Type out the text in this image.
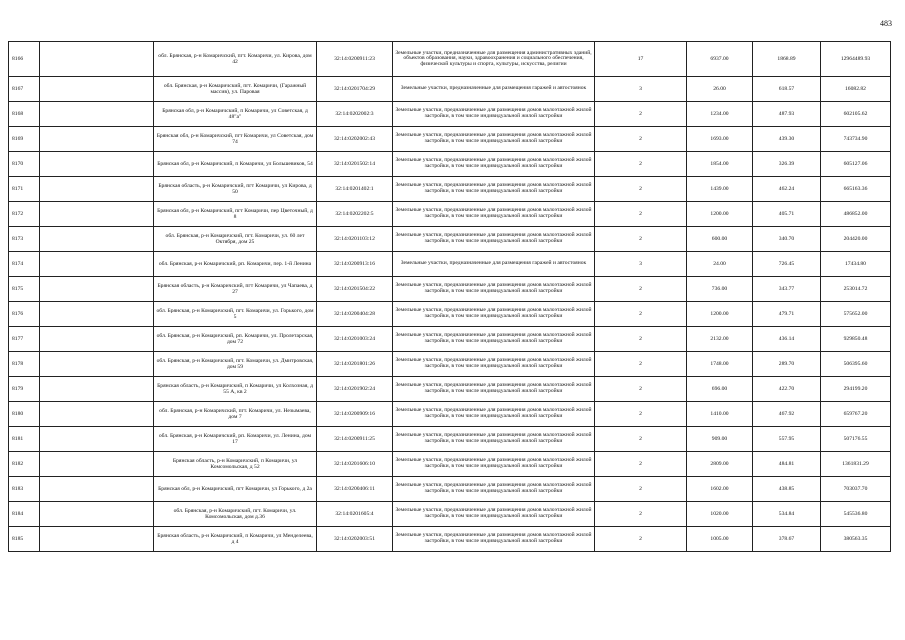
483
8166		обл. Брянская, р-н Комаричский, пгт. Комаричи, ул. Кирова, дом 42	32:14:0200911:23	Земельные участки, предназначенные для размещения административных зданий, объектов образования, науки, здравоохранения и социального обеспечения, физической культуры и спорта, культуры, искусства, религии	17	6937.00	1868.89	12964489.93
8167		обл. Брянская, р-н Комаричский, пгт. Комаричи, (Гаражный массив), ул. Паровая	32:14:0201704:29	Земельные участки, предназначенные для размещения гаражей и автостоянок	3	26.00	618.57	16082.82
8168		Брянская обл, р-н Комаричский, п Комаричи, ул Советская, д 48"а"	32:14:0202002:3	Земельные участки, предназначенные для размещения домов малоэтажной жилой застройки, в том числе индивидуальной жилой застройки	2	1234.00	487.93	602105.62
8169		Брянская обл, р-н Комаричский, пгт Комаричи, ул Советская, дом 74	32:14:0202002:43	Земельные участки, предназначенные для размещения домов малоэтажной жилой застройки, в том числе индивидуальной жилой застройки	2	1693.00	439.30	743734.90
8170		Брянская обл, р-н Комаричский, п Комаричи, ул Большевиков, 54	32:14:0201502:14	Земельные участки, предназначенные для размещения домов малоэтажной жилой застройки, в том числе индивидуальной жилой застройки	2	1854.00	326.39	605127.06
8171		Брянская область, р-н Комаричский, пгт Комаричи, ул Кирова, д 50	32:14:0201402:1	Земельные участки, предназначенные для размещения домов малоэтажной жилой застройки, в том числе индивидуальной жилой застройки	2	1439.00	462.24	665163.36
8172		Брянская обл, р-н Комаричский, пгт Комаричи, пер Цветочный, д 8	32:14:0202202:5	Земельные участки, предназначенные для размещения домов малоэтажной жилой застройки, в том числе индивидуальной жилой застройки	2	1200.00	405.71	486852.00
8173		обл. Брянская, р-н Комаричский, пгт. Комаричи, ул. 60 лет Октября, дом 25	32:14:0201103:12	Земельные участки, предназначенные для размещения домов малоэтажной жилой застройки, в том числе индивидуальной жилой застройки	2	600.00	340.70	204420.00
8174		обл. Брянская, р-н Комаричский, рп. Комаричи, пер. 1-й Ленина	32:14:0200913:16	Земельные участки, предназначенные для размещения гаражей и автостоянок	3	24.00	726.45	17434.80
8175		Брянская область, р-н Комаричский, пгт Комаричи, ул Чапаева, д 27	32:14:0201504:22	Земельные участки, предназначенные для размещения домов малоэтажной жилой застройки, в том числе индивидуальной жилой застройки	2	736.00	343.77	253014.72
8176		обл. Брянская, р-н Комаричский, пгт. Комаричи, ул. Горького, дом 5	32:14:0200404:28	Земельные участки, предназначенные для размещения домов малоэтажной жилой застройки, в том числе индивидуальной жилой застройки	2	1200.00	479.71	575652.00
8177		обл. Брянская, р-н Комаричский, рп. Комаричи, ул. Пролетарская, дом 72	32:14:0201003:24	Земельные участки, предназначенные для размещения домов малоэтажной жилой застройки, в том числе индивидуальной жилой застройки	2	2132.00	436.14	929850.48
8178		обл. Брянская, р-н Комаричский, пгт. Комаричи, ул. Дмитровская, дом 59	32:14:0201801:26	Земельные участки, предназначенные для размещения домов малоэтажной жилой застройки, в том числе индивидуальной жилой застройки	2	1748.00	289.70	506395.60
8179		Брянская область, р-н Комаричский, п Комаричи, ул Колхозная, д 55 А, кв 2	32:14:0201902:24	Земельные участки, предназначенные для размещения домов малоэтажной жилой застройки, в том числе индивидуальной жилой застройки	2	696.00	422.70	294199.20
8180		обл. Брянская, р-н Комаричский, пгт. Комаричи, ул. Незымаева, дом 7	32:14:0200909:16	Земельные участки, предназначенные для размещения домов малоэтажной жилой застройки, в том числе индивидуальной жилой застройки	2	1410.00	467.92	659767.20
8181		обл. Брянская, р-н Комаричский, рп. Комаричи, ул. Ленина, дом 17	32:14:0200911:25	Земельные участки, предназначенные для размещения домов малоэтажной жилой застройки, в том числе индивидуальной жилой застройки	2	909.00	557.95	507176.55
8182		Брянская область, р-н Комаричский, п Комаричи, ул Комсомольская, д 52	32:14:0201606:10	Земельные участки, предназначенные для размещения домов малоэтажной жилой застройки, в том числе индивидуальной жилой застройки	2	2809.00	484.81	1361831.29
8183		Брянская обл, р-н Комаричский, пгт Комаричи, ул Горького, д 2а	32:14:0200406:11	Земельные участки, предназначенные для размещения домов малоэтажной жилой застройки, в том числе индивидуальной жилой застройки	2	1602.00	438.85	703037.70
8184		обл. Брянская, р-н Комаричский, пгт. Комаричи, ул. Комсомольская, дом д.36	32:14:0201605:4	Земельные участки, предназначенные для размещения домов малоэтажной жилой застройки, в том числе индивидуальной жилой застройки	2	1020.00	534.84	545536.80
8185		Брянская область, р-н Комаричский, п Комаричи, ул Менделеева, д 4	32:14:0202003:51	Земельные участки, предназначенные для размещения домов малоэтажной жилой застройки, в том числе индивидуальной жилой застройки	2	1005.00	378.67	380563.35
